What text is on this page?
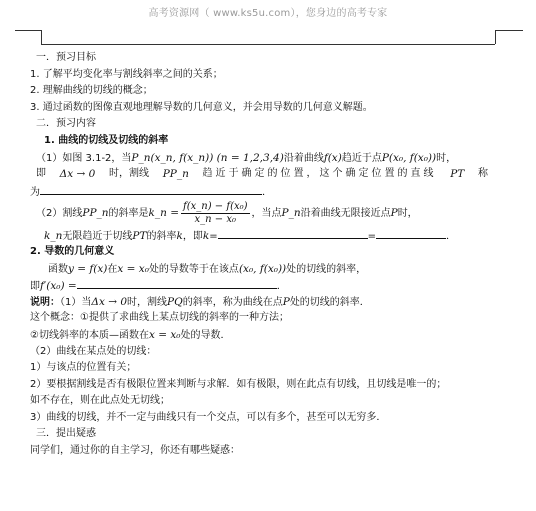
高考资源网（ www.ks5u.com），您身边的高考专家
一．预习目标
1. 了解平均变化率与割线斜率之间的关系；
2. 理解曲线的切线的概念；
3. 通过函数的图像直观地理解导数的几何意义，并会用导数的几何意义解题。
二．预习内容
1. 曲线的切线及切线的斜率
（1）如图 3.1-2，当P_n(x_n, f(x_n)) (n = 1,2,3,4)沿着曲线f(x)趋近于点P(x₀, f(x₀))时，
即 Δx → 0 时，割线 PP_n 趋近于确定的位置，这个确定位置的直线 PT 称
为	．
（2）割线PP_n的斜率是k_n = $\frac{\text{f(x\_n) − f(x₀)}}{\text{x\_n − x₀}}$ ，当点P_n沿着曲线无限接近点P时，
k_n无限趋近于切线PT的斜率k，即k=	=	．
2. 导数的几何意义
函数y = f(x)在x = x₀处的导数等于在该点(x₀, f(x₀))处的切线的斜率，
即f′(x₀) =	．
说明：（1）当Δx → 0时，割线PQ的斜率，称为曲线在点P处的切线的斜率．
这个概念：①提供了求曲线上某点切线的斜率的一种方法；
②切线斜率的本质—函数在x = x₀处的导数．
（2）曲线在某点处的切线：
1）与该点的位置有关；
2）要根据割线是否有极限位置来判断与求解．如有极限，则在此点有切线，且切线是唯一的；
如不存在，则在此点处无切线；
3）曲线的切线，并不一定与曲线只有一个交点，可以有多个，甚至可以无穷多．
三．提出疑惑
同学们，通过你的自主学习，你还有哪些疑惑：
